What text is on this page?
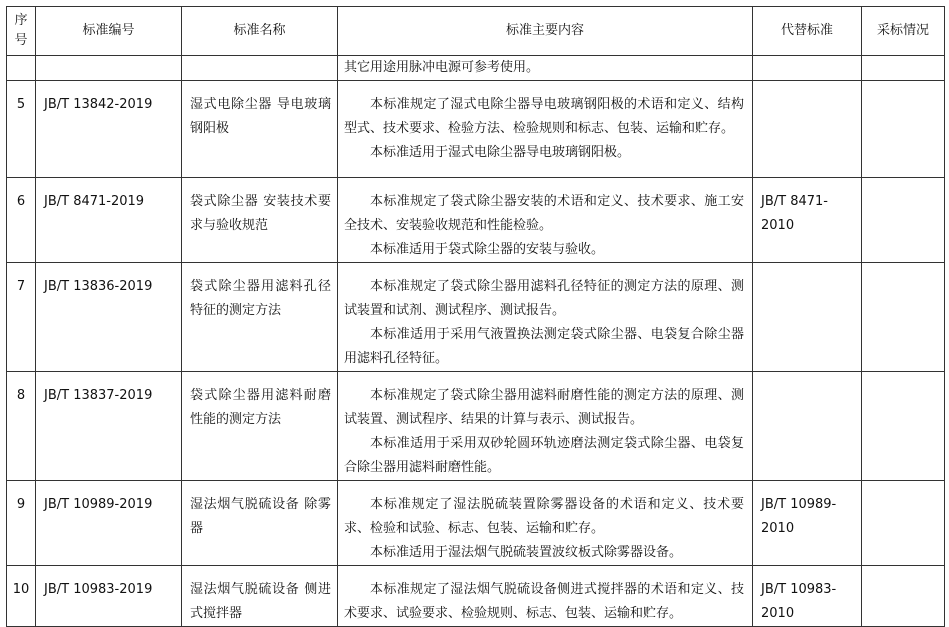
序号	标准编号	标准名称	标准主要内容	代替标准	采标情况

			其它用途用脉冲电源可参考使用。		

5	JB/T 13842-2019	湿式电除尘器 导电玻璃钢阳极	本标准规定了湿式电除尘器导电玻璃钢阳极的术语和定义、结构型式、技术要求、检验方法、检验规则和标志、包装、运输和贮存。

本标准适用于湿式电除尘器导电玻璃钢阳极。		

6	JB/T 8471-2019	袋式除尘器 安装技术要求与验收规范	本标准规定了袋式除尘器安装的术语和定义、技术要求、施工安全技术、安装验收规范和性能检验。

本标准适用于袋式除尘器的安装与验收。	JB/T 8471-2010	
7	JB/T 13836-2019	袋式除尘器用滤料孔径特征的测定方法	本标准规定了袋式除尘器用滤料孔径特征的测定方法的原理、测试装置和试剂、测试程序、测试报告。

本标准适用于采用气液置换法测定袋式除尘器、电袋复合除尘器用滤料孔径特征。		

8	JB/T 13837-2019	袋式除尘器用滤料耐磨性能的测定方法	本标准规定了袋式除尘器用滤料耐磨性能的测定方法的原理、测试装置、测试程序、结果的计算与表示、测试报告。

本标准适用于采用双砂轮圆环轨迹磨法测定袋式除尘器、电袋复合除尘器用滤料耐磨性能。		

9	JB/T 10989-2019	湿法烟气脱硫设备 除雾器	本标准规定了湿法脱硫装置除雾器设备的术语和定义、技术要求、检验和试验、标志、包装、运输和贮存。

本标准适用于湿法烟气脱硫装置波纹板式除雾器设备。	JB/T 10989-2010	
10	JB/T 10983-2019	湿法烟气脱硫设备 侧进式搅拌器	本标准规定了湿法烟气脱硫设备侧进式搅拌器的术语和定义、技术要求、试验要求、检验规则、标志、包装、运输和贮存。	JB/T 10983-2010	
